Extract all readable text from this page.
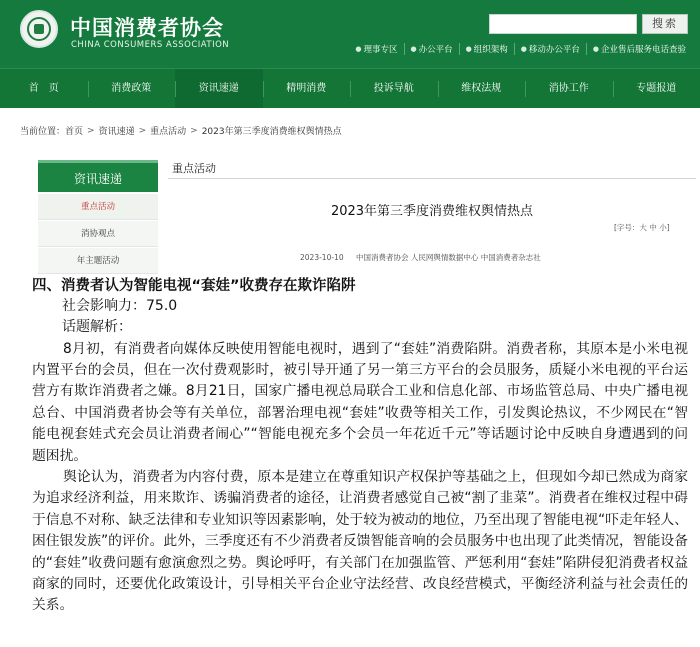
中国消费者协会
CHINA CONSUMERS ASSOCIATION
搜索
● 理事专区 ● 办公平台 ● 组织架构 ● 移动办公平台 ● 企业售后服务电话查验
首　页	消费政策	资讯速递	精明消费	投诉导航	维权法规	消协工作	专题报道
当前位置： 首页 > 资讯速递 > 重点活动 > 2023年第三季度消费维权舆情热点
资讯速递
重点活动
消协观点
年主题活动
重点活动
2023年第三季度消费维权舆情热点
[字号：大 中 小]
2023-10-10 中国消费者协会 人民网舆情数据中心 中国消费者杂志社
四、消费者认为智能电视“套娃”收费存在欺诈陷阱
社会影响力：75.0
话题解析：

8月初，有消费者向媒体反映使用智能电视时，遇到了“套娃”消费陷阱。消费者称，其原本是小米电视内置平台的会员，但在一次付费观影时，被引导开通了另一第三方平台的会员服务，质疑小米电视的平台运营方有欺诈消费者之嫌。8月21日，国家广播电视总局联合工业和信息化部、市场监管总局、中央广播电视总台、中国消费者协会等有关单位，部署治理电视“套娃”收费等相关工作，引发舆论热议，不少网民在“智能电视套娃式充会员让消费者闹心”“智能电视充多个会员一年花近千元”等话题讨论中反映自身遭遇到的问题困扰。

舆论认为，消费者为内容付费，原本是建立在尊重知识产权保护等基础之上，但现如今却已然成为商家为追求经济利益，用来欺诈、诱骗消费者的途径，让消费者感觉自己被“割了韭菜”。消费者在维权过程中碍于信息不对称、缺乏法律和专业知识等因素影响，处于较为被动的地位，乃至出现了智能电视“吓走年轻人、困住银发族”的评价。此外，三季度还有不少消费者反馈智能音响的会员服务中也出现了此类情况，智能设备的“套娃”收费问题有愈演愈烈之势。舆论呼吁，有关部门在加强监管、严惩利用“套娃”陷阱侵犯消费者权益商家的同时，还要优化政策设计，引导相关平台企业守法经营、改良经营模式，平衡经济利益与社会责任的关系。
